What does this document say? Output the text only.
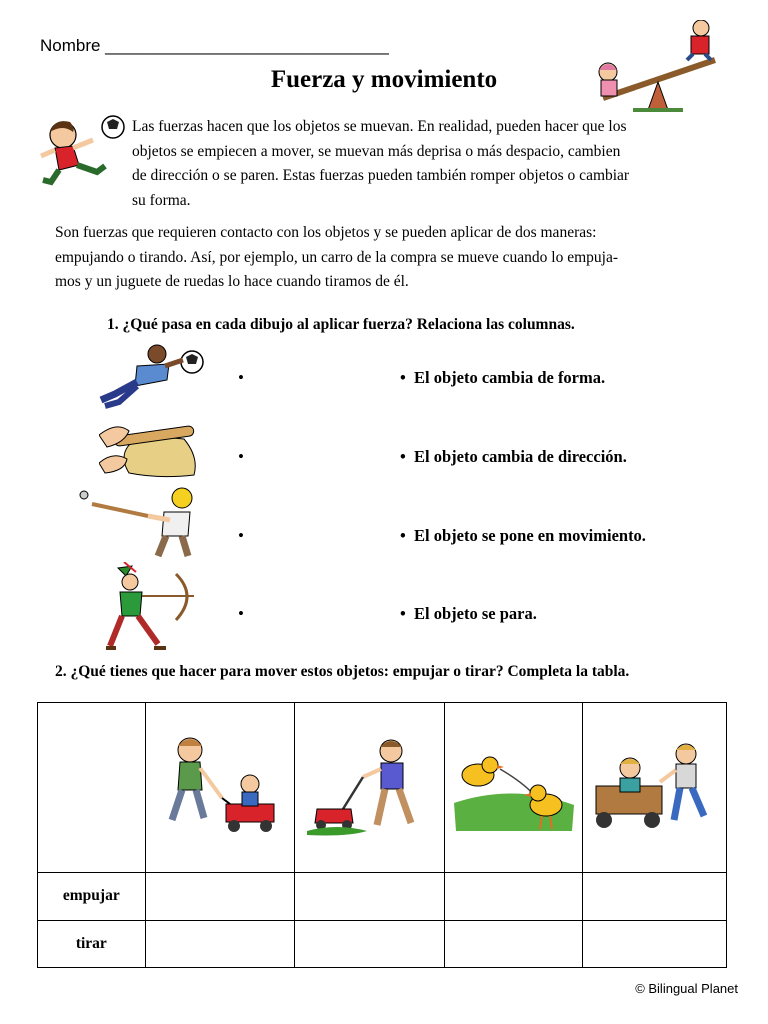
Nombre ______________________________
Fuerza y movimiento
Las fuerzas hacen que los objetos se muevan. En realidad, pueden hacer que los
objetos se empiecen a mover, se muevan más deprisa o más despacio, cambien
de dirección o se paren. Estas fuerzas pueden también romper objetos o cambiar
su forma.
Son fuerzas que requieren contacto con los objetos y se pueden aplicar de dos maneras:
empujando o tirando. Así, por ejemplo, un carro de la compra se mueve cuando lo empuja-
mos y un juguete de ruedas lo hace cuando tiramos de él.
1. ¿Qué pasa en cada dibujo al aplicar fuerza? Relaciona las columnas.
•
•
•
•
• El objeto cambia de forma.
• El objeto cambia de dirección.
• El objeto se pone en movimiento.
• El objeto se para.
2. ¿Qué tienes que hacer para mover estos objetos: empujar o tirar? Completa la tabla.

empujar				
tirar				
© Bilingual Planet
